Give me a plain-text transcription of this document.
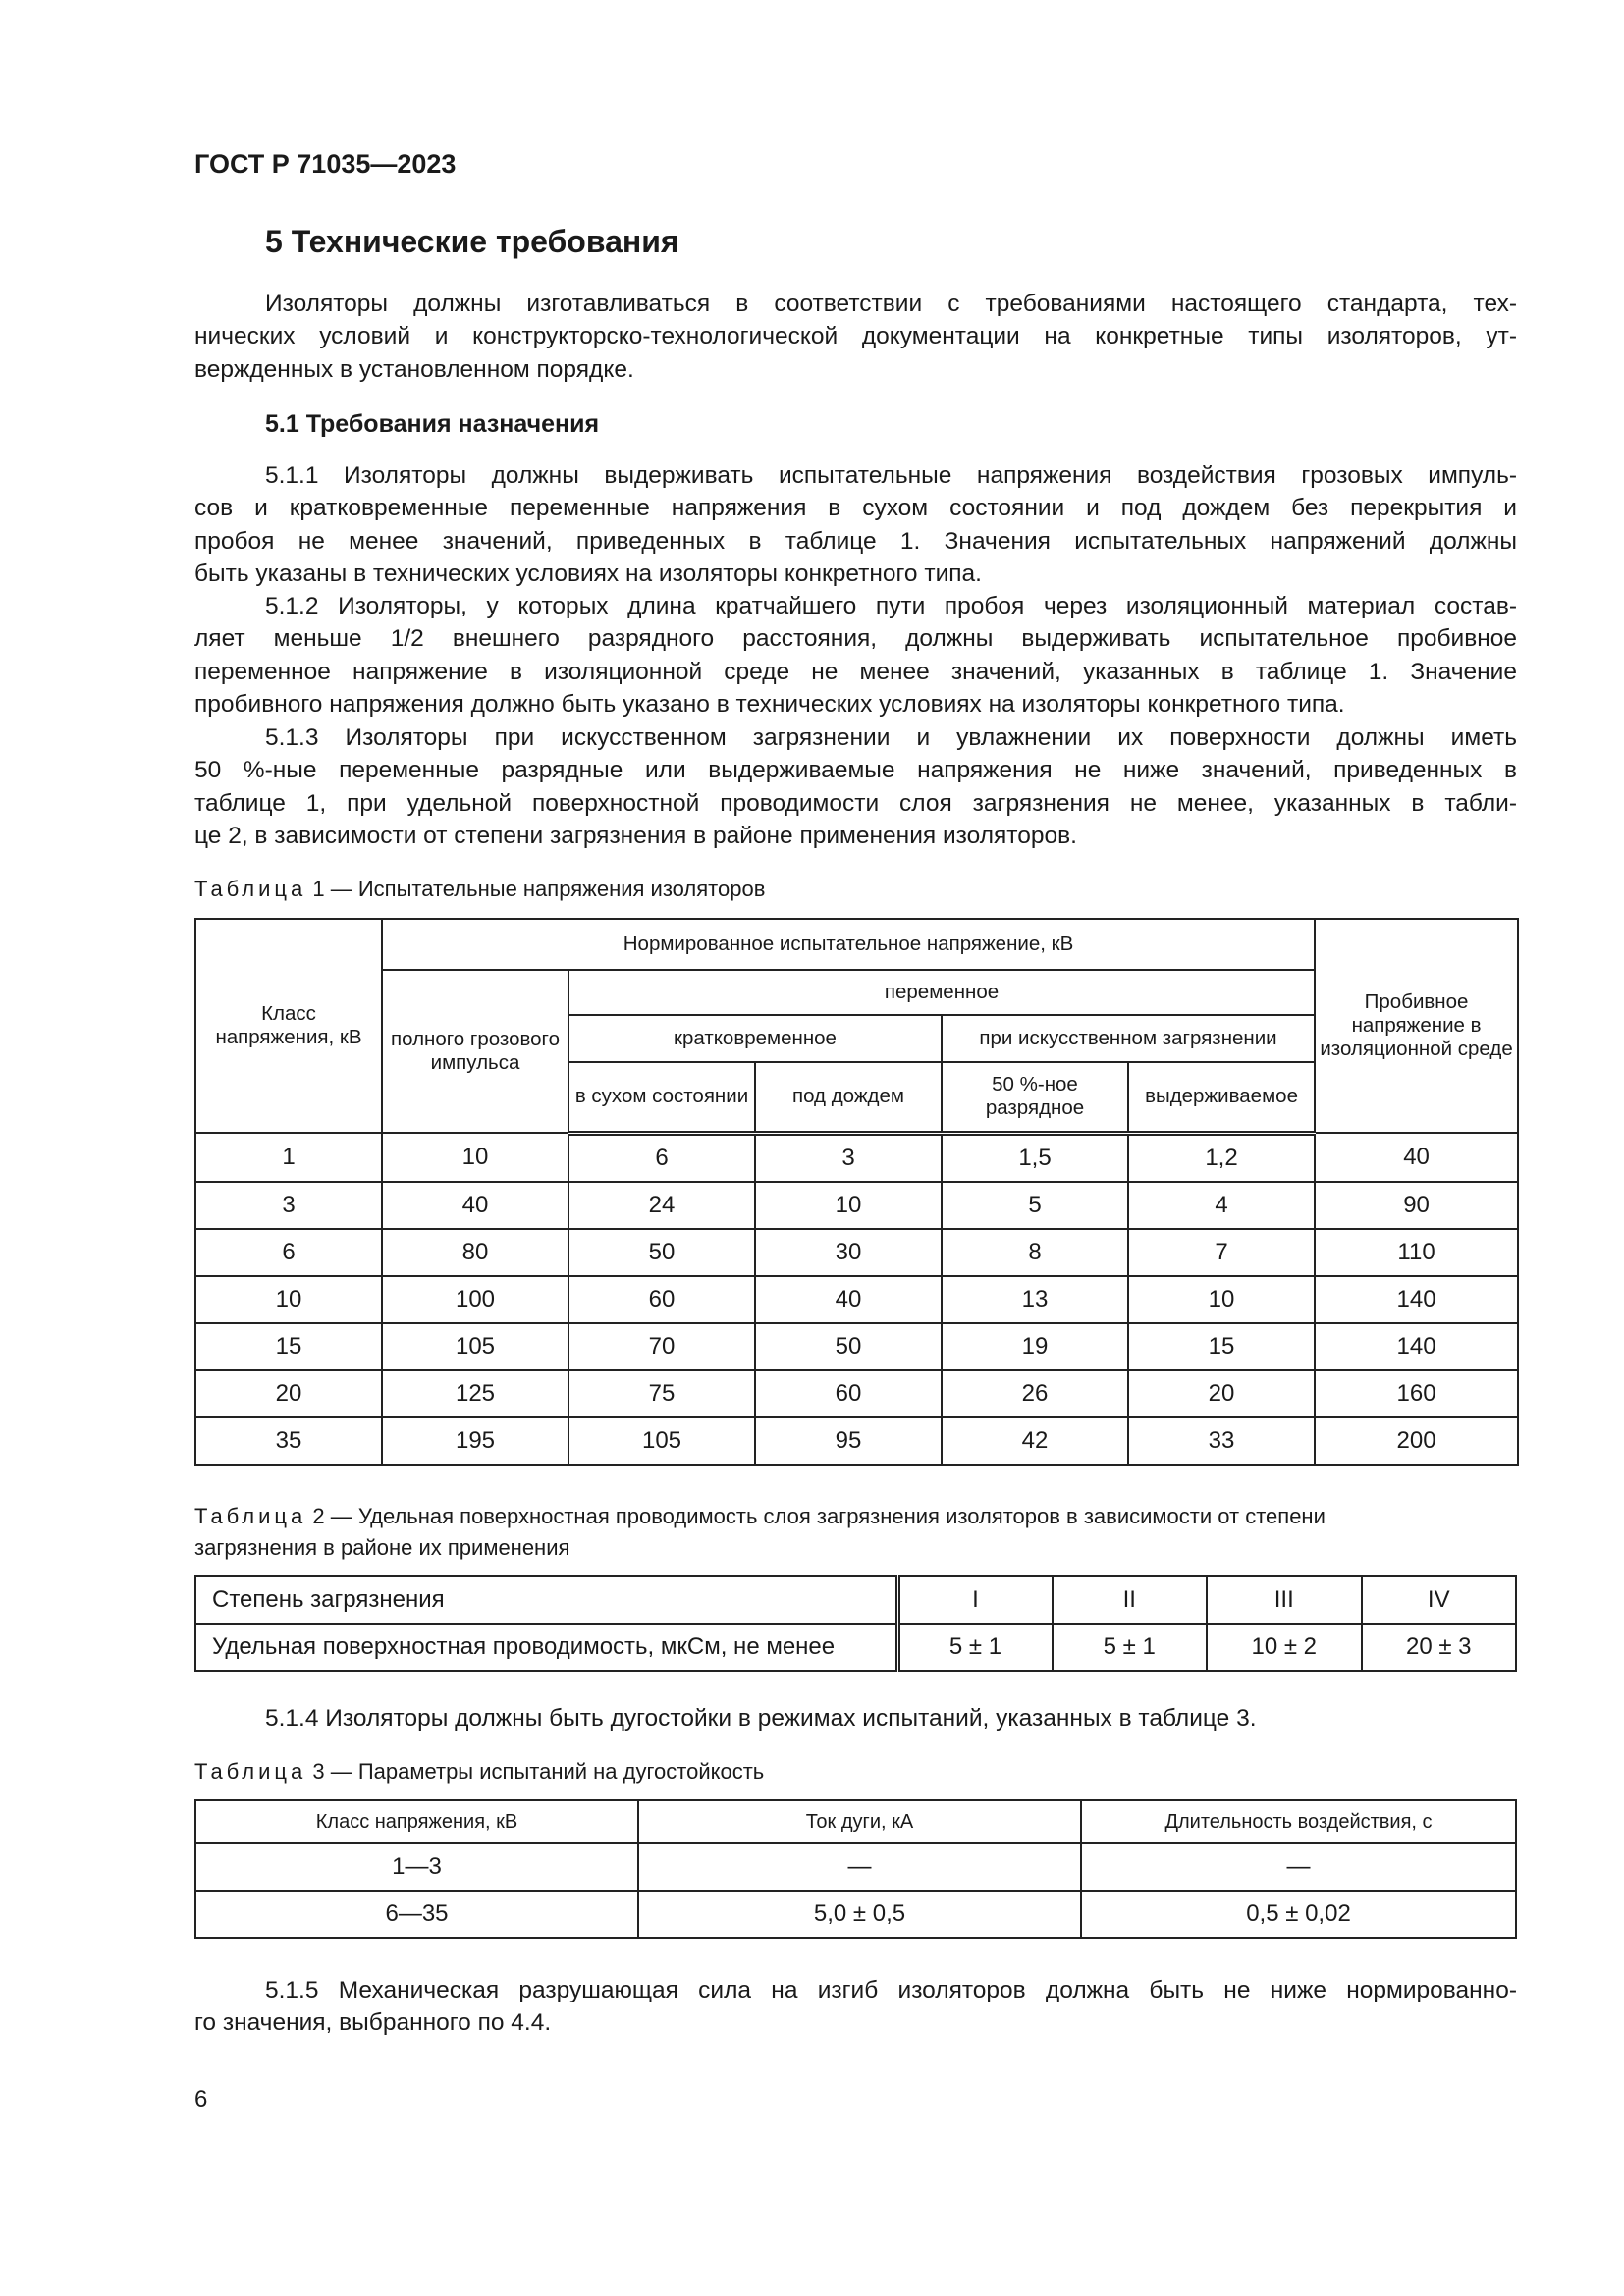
ГОСТ Р 71035—2023
5 Технические требования
Изоляторы должны изготавливаться в соответствии с требованиями настоящего стандарта, тех-
нических условий и конструкторско-технологической документации на конкретные типы изоляторов, ут-
вержденных в установленном порядке.
5.1 Требования назначения
5.1.1 Изоляторы должны выдерживать испытательные напряжения воздействия грозовых импуль-
сов и кратковременные переменные напряжения в сухом состоянии и под дождем без перекрытия и
пробоя не менее значений, приведенных в таблице 1. Значения испытательных напряжений должны
быть указаны в технических условиях на изоляторы конкретного типа.
5.1.2 Изоляторы, у которых длина кратчайшего пути пробоя через изоляционный материал состав-
ляет меньше 1/2 внешнего разрядного расстояния, должны выдерживать испытательное пробивное
переменное напряжение в изоляционной среде не менее значений, указанных в таблице 1. Значение
пробивного напряжения должно быть указано в технических условиях на изоляторы конкретного типа.
5.1.3 Изоляторы при искусственном загрязнении и увлажнении их поверхности должны иметь
50 %-ные переменные разрядные или выдерживаемые напряжения не ниже значений, приведенных в
таблице 1, при удельной поверхностной проводимости слоя загрязнения не менее, указанных в табли-
це 2, в зависимости от степени загрязнения в районе применения изоляторов.
Таблица 1 — Испытательные напряжения изоляторов
Класс напряжения, кВ	Нормированное испытательное напряжение, кВ					Пробивное напряжение в изоляционной среде
	полного грозового импульса	переменное				
		кратковременное		при искусственном загрязнении		
		в сухом состоянии	под дождем	50 %-ное разрядное	выдерживаемое	
1	10	6	3	1,5	1,2	40
3	40	24	10	5	4	90
6	80	50	30	8	7	110
10	100	60	40	13	10	140
15	105	70	50	19	15	140
20	125	75	60	26	20	160
35	195	105	95	42	33	200
Таблица 2 — Удельная поверхностная проводимость слоя загрязнения изоляторов в зависимости от степени
загрязнения в районе их применения
Степень загрязнения	I	II	III	IV
Удельная поверхностная проводимость, мкСм, не менее	5 ± 1	5 ± 1	10 ± 2	20 ± 3
5.1.4 Изоляторы должны быть дугостойки в режимах испытаний, указанных в таблице 3.
Таблица 3 — Параметры испытаний на дугостойкость
Класс напряжения, кВ	Ток дуги, кА	Длительность воздействия, с
1—3	—	—
6—35	5,0 ± 0,5	0,5 ± 0,02
5.1.5 Механическая разрушающая сила на изгиб изоляторов должна быть не ниже нормированно-
го значения, выбранного по 4.4.
6
